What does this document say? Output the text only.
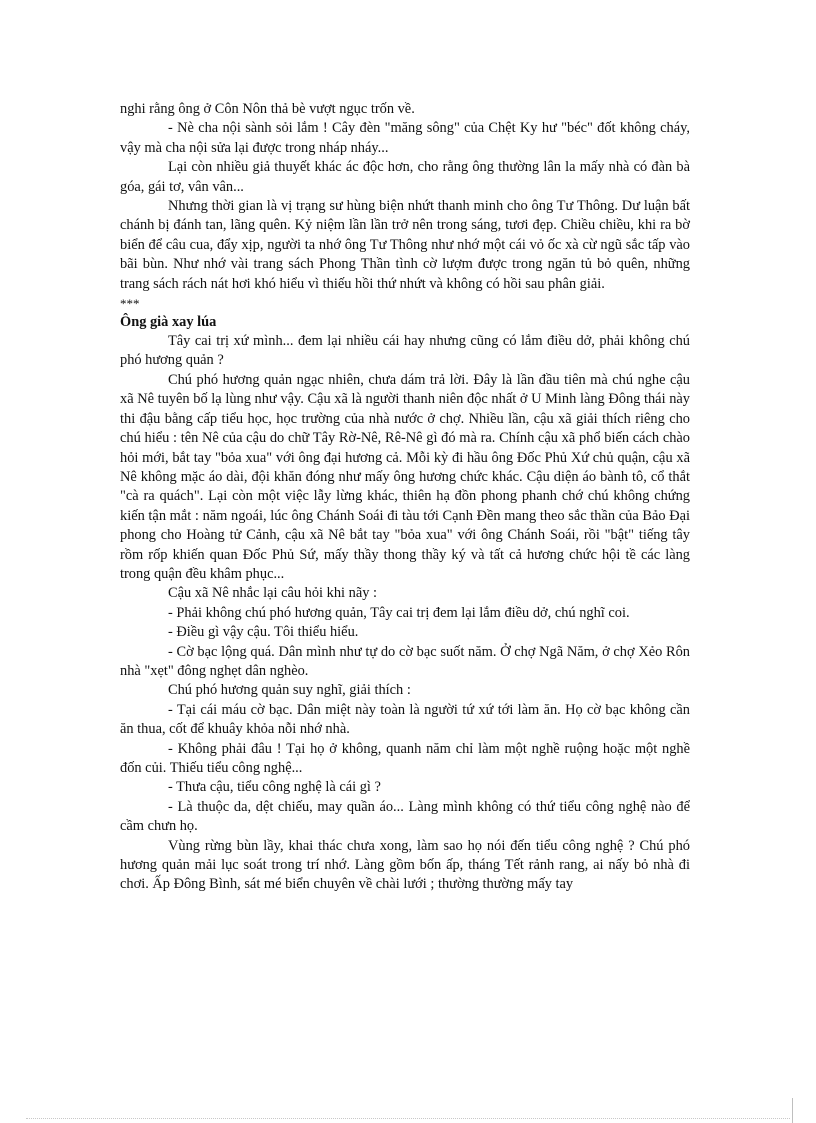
nghi rằng ông ở Côn Nôn thả bè vượt ngục trốn về.

- Nè cha nội sành sỏi lắm ! Cây đèn "măng sông" của Chệt Ky hư "béc" đốt không cháy, vậy mà cha nội sửa lại được trong nháp nháy...

Lại còn nhiều giả thuyết khác ác độc hơn, cho rằng ông thường lân la mấy nhà có đàn bà góa, gái tơ, vân vân...

Nhưng thời gian là vị trạng sư hùng biện nhứt thanh minh cho ông Tư Thông. Dư luận bất chánh bị đánh tan, lãng quên. Kỷ niệm lần lần trở nên trong sáng, tươi đẹp. Chiều chiều, khi ra bờ biển để câu cua, đẩy xịp, người ta nhớ ông Tư Thông như nhớ một cái vỏ ốc xà cừ ngũ sắc tấp vào bãi bùn. Như nhớ vài trang sách Phong Thần tình cờ lượm được trong ngăn tủ bỏ quên, những trang sách rách nát hơi khó hiểu vì thiếu hồi thứ nhứt và không có hồi sau phân giải.

***

Ông già xay lúa

Tây cai trị xứ mình... đem lại nhiều cái hay nhưng cũng có lắm điều dở, phải không chú phó hương quản ?

Chú phó hương quản ngạc nhiên, chưa dám trả lời. Đây là lần đầu tiên mà chú nghe cậu xã Nê tuyên bố lạ lùng như vậy. Cậu xã là người thanh niên độc nhất ở U Minh làng Đông thái này thi đậu bằng cấp tiểu học, học trường của nhà nước ở chợ. Nhiều lần, cậu xã giải thích riêng cho chú hiểu : tên Nê của cậu do chữ Tây Rờ-Nê, Rê-Nê gì đó mà ra. Chính cậu xã phổ biến cách chào hỏi mới, bắt tay "bỏa xua" với ông đại hương cả. Mỗi kỳ đi hầu ông Đốc Phủ Xứ chủ quận, cậu xã Nê không mặc áo dài, đội khăn đóng như mấy ông hương chức khác. Cậu diện áo bành tô, cổ thắt "cà ra quách". Lại còn một việc lẫy lừng khác, thiên hạ đồn phong phanh chớ chú không chứng kiến tận mắt : năm ngoái, lúc ông Chánh Soái đi tàu tới Cạnh Đền mang theo sắc thần của Bảo Đại phong cho Hoàng tử Cảnh, cậu xã Nê bắt tay "bỏa xua" với ông Chánh Soái, rồi "bật" tiếng tây rồm rốp khiến quan Đốc Phủ Sứ, mấy thầy thong thầy ký và tất cả hương chức hội tề các làng trong quận đều khâm phục...

Cậu xã Nê nhắc lại câu hỏi khi nãy :

- Phải không chú phó hương quản, Tây cai trị đem lại lắm điều dở, chú nghĩ coi.

- Điều gì vậy cậu. Tôi thiểu hiểu.

- Cờ bạc lộng quá. Dân mình như tự do cờ bạc suốt năm. Ở chợ Ngã Năm, ở chợ Xẻo Rôn nhà "xẹt" đông nghẹt dân nghèo.

Chú phó hương quản suy nghĩ, giải thích :

- Tại cái máu cờ bạc. Dân miệt này toàn là người tứ xứ tới làm ăn. Họ cờ bạc không cần ăn thua, cốt để khuây khỏa nỗi nhớ nhà.

- Không phải đâu ! Tại họ ở không, quanh năm chỉ làm một nghề ruộng hoặc một nghề đốn củi. Thiếu tiểu công nghệ...

- Thưa cậu, tiểu công nghệ là cái gì ?

- Là thuộc da, dệt chiếu, may quần áo... Làng mình không có thứ tiểu công nghệ nào để cầm chưn họ.

Vùng rừng bùn lầy, khai thác chưa xong, làm sao họ nói đến tiểu công nghệ ? Chú phó hương quản mải lục soát trong trí nhớ. Làng gồm bốn ấp, tháng Tết rảnh rang, ai nấy bỏ nhà đi chơi. Ấp Đông Bình, sát mé biển chuyên về chài lưới ; thường thường mấy tay
